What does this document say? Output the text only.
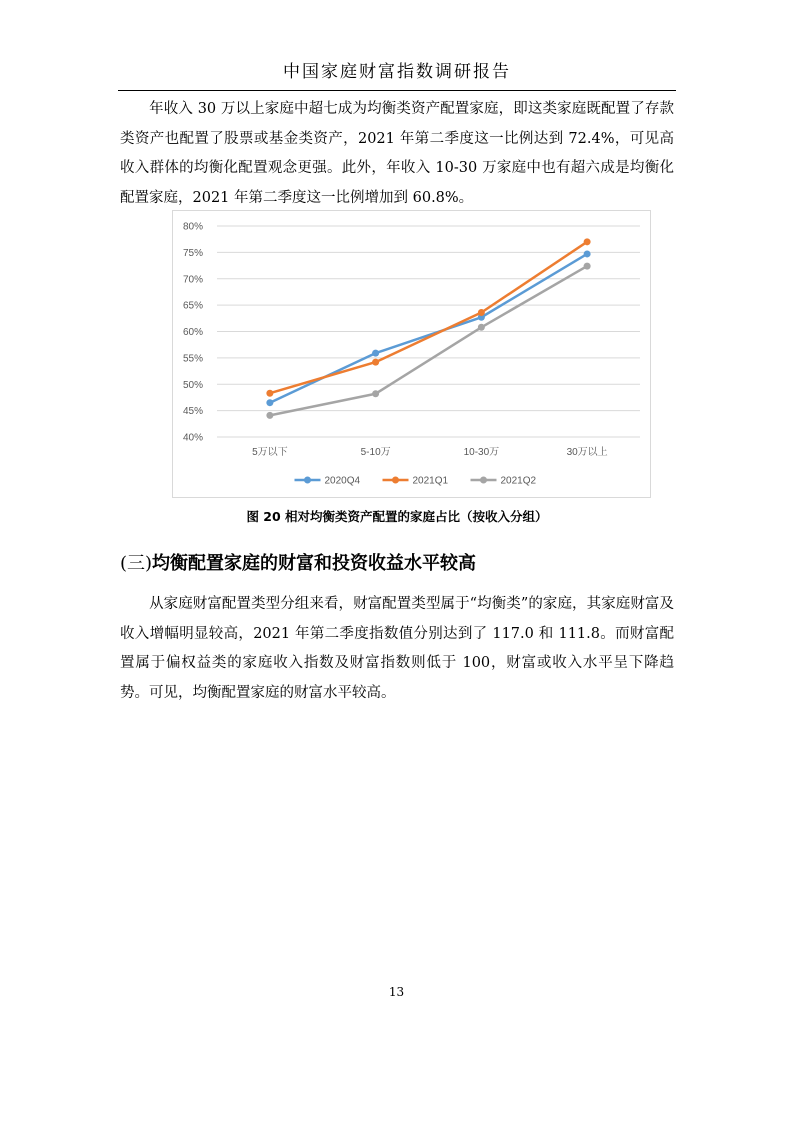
中国家庭财富指数调研报告

年收入 30 万以上家庭中超七成为均衡类资产配置家庭，即这类家庭既配置了存款类资产也配置了股票或基金类资产，2021 年第二季度这一比例达到 72.4%，可见高收入群体的均衡化配置观念更强。此外，年收入 10-30 万家庭中也有超六成是均衡化配置家庭，2021 年第二季度这一比例增加到 60.8%。

40%
45%
50%
55%
60%
65%
70%
75%
80%
5万以下	5-10万	10-30万	30万以上
2020Q4	2021Q1	2021Q2
图 20 相对均衡类资产配置的家庭占比（按收入分组）
(三)均衡配置家庭的财富和投资收益水平较高

从家庭财富配置类型分组来看，财富配置类型属于“均衡类”的家庭，其家庭财富及收入增幅明显较高，2021 年第二季度指数值分别达到了 117.0 和 111.8。而财富配置属于偏权益类的家庭收入指数及财富指数则低于 100，财富或收入水平呈下降趋势。可见，均衡配置家庭的财富水平较高。

13
